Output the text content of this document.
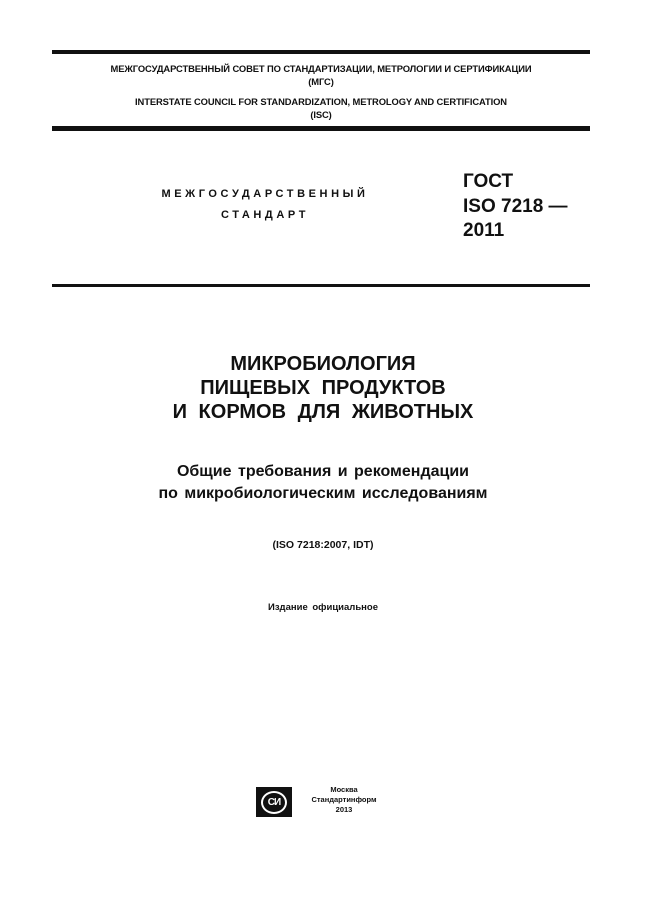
МЕЖГОСУДАРСТВЕННЫЙ СОВЕТ ПО СТАНДАРТИЗАЦИИ, МЕТРОЛОГИИ И СЕРТИФИКАЦИИ
(МГС)
INTERSTATE COUNCIL FOR STANDARDIZATION, METROLOGY AND CERTIFICATION
(ISC)
МЕЖГОСУДАРСТВЕННЫЙ
СТАНДАРТ
ГОСТ
ISO 7218 —
2011
МИКРОБИОЛОГИЯ
ПИЩЕВЫХ ПРОДУКТОВ
И КОРМОВ ДЛЯ ЖИВОТНЫХ
Общие требования и рекомендации
по микробиологическим исследованиям
(ISO 7218:2007, IDT)
Издание официальное
СИ
Москва
Стандартинформ
2013
